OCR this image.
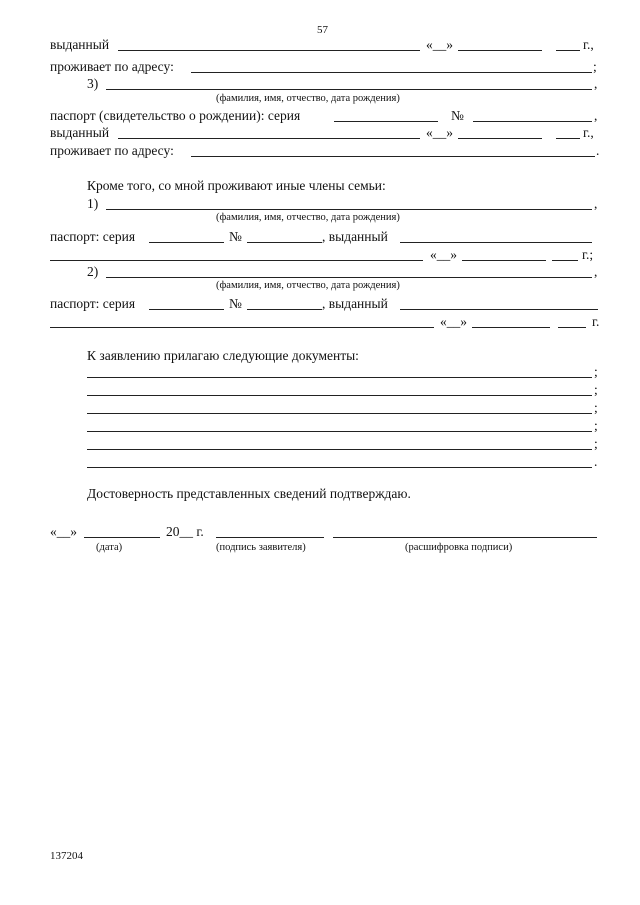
57
выданный	«__»	г.,
проживает по адресу:	;
3)	,
(фамилия, имя, отчество, дата рождения)
паспорт (свидетельство о рождении): серия	№	,
выданный	«__»	г.,
проживает по адресу:	.
Кроме того, со мной проживают иные члены семьи:
1)	,
(фамилия, имя, отчество, дата рождения)
паспорт: серия	№	, выданный
«__»	г.;
2)	,
(фамилия, имя, отчество, дата рождения)
паспорт: серия	№	, выданный
«__»	г.
К заявлению прилагаю следующие документы:
;
;
;
;
;
.
Достоверность представленных сведений подтверждаю.
«__»	20__ г.
(дата)	(подпись заявителя)	(расшифровка подписи)
137204
